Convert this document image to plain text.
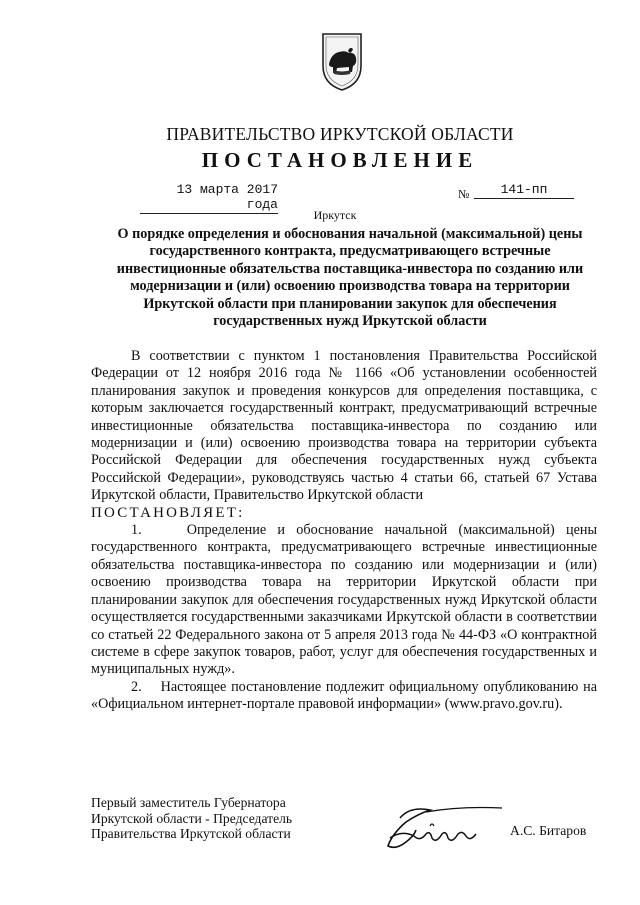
ПРАВИТЕЛЬСТВО ИРКУТСКОЙ ОБЛАСТИ
ПОСТАНОВЛЕНИЕ
13 марта 2017 года
№	141-пп
Иркутск
О порядке определения и обоснования начальной (максимальной) цены государственного контракта, предусматривающего встречные инвестиционные обязательства поставщика-инвестора по созданию или модернизации и (или) освоению производства товара на территории Иркутской области при планировании закупок для обеспечения государственных нужд Иркутской области

В соответствии с пунктом 1 постановления Правительства Российской Федерации от 12 ноября 2016 года № 1166 «Об установлении особенностей планирования закупок и проведения конкурсов для определения поставщика, с которым заключается государственный контракт, предусматривающий встречные инвестиционные обязательства поставщика-инвестора по созданию или модернизации и (или) освоению производства товара на территории субъекта Российской Федерации для обеспечения государственных нужд субъекта Российской Федерации», руководствуясь частью 4 статьи 66, статьей 67 Устава Иркутской области, Правительство Иркутской области

ПОСТАНОВЛЯЕТ:

1.    Определение и обоснование начальной (максимальной) цены государственного контракта, предусматривающего встречные инвестиционные обязательства поставщика-инвестора по созданию или модернизации и (или) освоению производства товара на территории Иркутской области при планировании закупок для обеспечения государственных нужд Иркутской области осуществляется государственными заказчиками Иркутской области в соответствии со статьей 22 Федерального закона от 5 апреля 2013 года № 44-ФЗ «О контрактной системе в сфере закупок товаров, работ, услуг для обеспечения государственных и муниципальных нужд».

2.    Настоящее постановление подлежит официальному опубликованию на «Официальном интернет-портале правовой информации» (www.pravo.gov.ru).

Первый заместитель Губернатора
Иркутской области - Председатель
Правительства Иркутской области	А.С. Битаров
